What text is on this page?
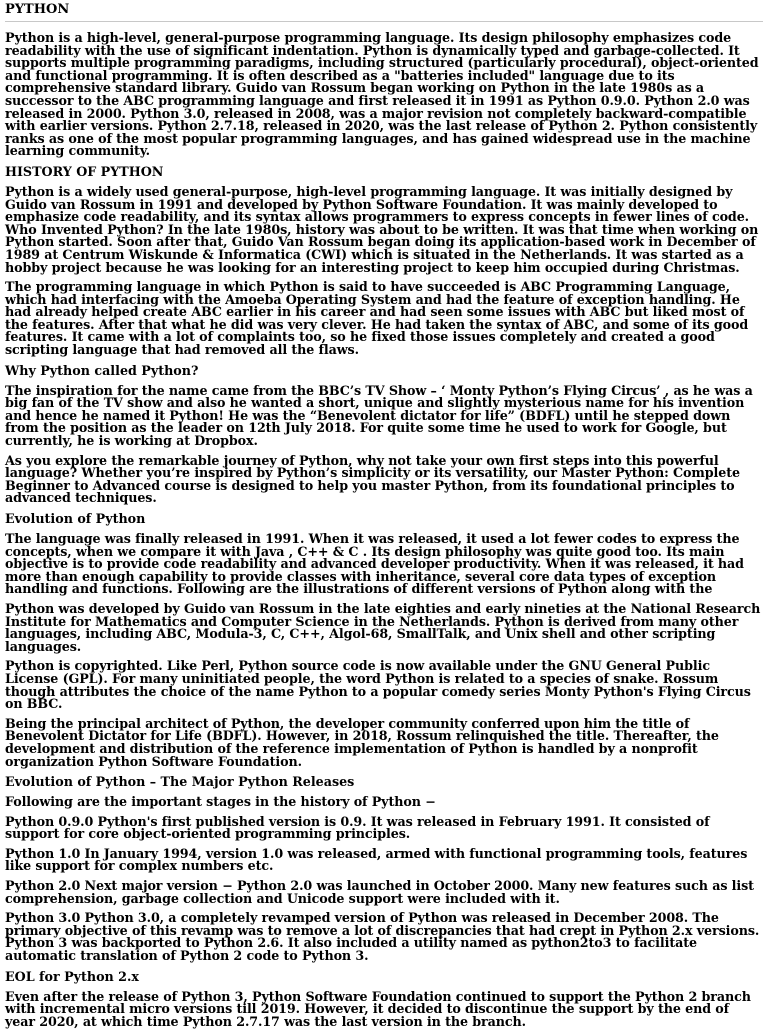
PYTHON

Python is a high-level, general-purpose programming language. Its design philosophy emphasizes code readability with the use of significant indentation. Python is dynamically typed and garbage-collected. It supports multiple programming paradigms, including structured (particularly procedural), object-oriented and functional programming. It is often described as a "batteries included" language due to its comprehensive standard library. Guido van Rossum began working on Python in the late 1980s as a successor to the ABC programming language and first released it in 1991 as Python 0.9.0. Python 2.0 was released in 2000. Python 3.0, released in 2008, was a major revision not completely backward-compatible with earlier versions. Python 2.7.18, released in 2020, was the last release of Python 2. Python consistently ranks as one of the most popular programming languages, and has gained widespread use in the machine learning community.

HISTORY OF PYTHON

Python is a widely used general-purpose, high-level programming language. It was initially designed by Guido van Rossum in 1991 and developed by Python Software Foundation. It was mainly developed to emphasize code readability, and its syntax allows programmers to express concepts in fewer lines of code. Who Invented Python? In the late 1980s, history was about to be written. It was that time when working on Python started. Soon after that, Guido Van Rossum began doing its application-based work in December of 1989 at Centrum Wiskunde & Informatica (CWI) which is situated in the Netherlands. It was started as a hobby project because he was looking for an interesting project to keep him occupied during Christmas.

The programming language in which Python is said to have succeeded is ABC Programming Language, which had interfacing with the Amoeba Operating System and had the feature of exception handling. He had already helped create ABC earlier in his career and had seen some issues with ABC but liked most of the features. After that what he did was very clever. He had taken the syntax of ABC, and some of its good features. It came with a lot of complaints too, so he fixed those issues completely and created a good scripting language that had removed all the flaws.

Why Python called Python?

The inspiration for the name came from the BBC’s TV Show – ‘ Monty Python’s Flying Circus’ , as he was a big fan of the TV show and also he wanted a short, unique and slightly mysterious name for his invention and hence he named it Python! He was the “Benevolent dictator for life” (BDFL) until he stepped down from the position as the leader on 12th July 2018. For quite some time he used to work for Google, but currently, he is working at Dropbox.

As you explore the remarkable journey of Python, why not take your own first steps into this powerful language? Whether you’re inspired by Python’s simplicity or its versatility, our Master Python: Complete Beginner to Advanced course is designed to help you master Python, from its foundational principles to advanced techniques.

Evolution of Python

The language was finally released in 1991. When it was released, it used a lot fewer codes to express the concepts, when we compare it with Java , C++ & C . Its design philosophy was quite good too. Its main objective is to provide code readability and advanced developer productivity. When it was released, it had more than enough capability to provide classes with inheritance, several core data types of exception handling and functions. Following are the illustrations of different versions of Python along with the

Python was developed by Guido van Rossum in the late eighties and early nineties at the National Research Institute for Mathematics and Computer Science in the Netherlands. Python is derived from many other languages, including ABC, Modula-3, C, C++, Algol-68, SmallTalk, and Unix shell and other scripting languages.

Python is copyrighted. Like Perl, Python source code is now available under the GNU General Public License (GPL). For many uninitiated people, the word Python is related to a species of snake. Rossum though attributes the choice of the name Python to a popular comedy series Monty Python's Flying Circus on BBC.

Being the principal architect of Python, the developer community conferred upon him the title of Benevolent Dictator for Life (BDFL). However, in 2018, Rossum relinquished the title. Thereafter, the development and distribution of the reference implementation of Python is handled by a nonprofit organization Python Software Foundation.

Evolution of Python – The Major Python Releases

Following are the important stages in the history of Python −

Python 0.9.0 Python's first published version is 0.9. It was released in February 1991. It consisted of support for core object-oriented programming principles.

Python 1.0 In January 1994, version 1.0 was released, armed with functional programming tools, features like support for complex numbers etc.

Python 2.0 Next major version − Python 2.0 was launched in October 2000. Many new features such as list comprehension, garbage collection and Unicode support were included with it.

Python 3.0 Python 3.0, a completely revamped version of Python was released in December 2008. The primary objective of this revamp was to remove a lot of discrepancies that had crept in Python 2.x versions. Python 3 was backported to Python 2.6. It also included a utility named as python2to3 to facilitate automatic translation of Python 2 code to Python 3.

EOL for Python 2.x

Even after the release of Python 3, Python Software Foundation continued to support the Python 2 branch with incremental micro versions till 2019. However, it decided to discontinue the support by the end of year 2020, at which time Python 2.7.17 was the last version in the branch.
